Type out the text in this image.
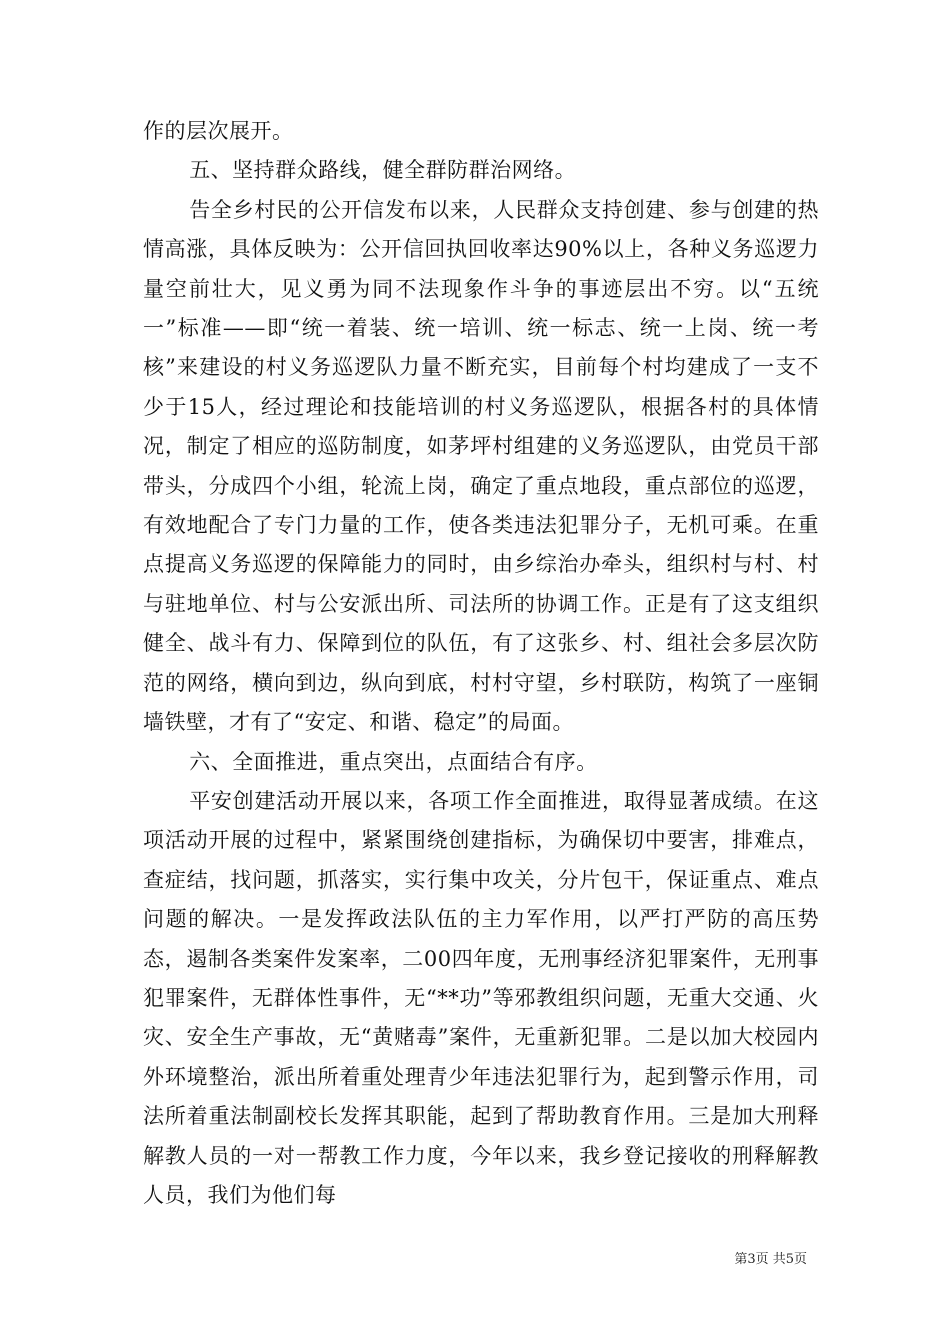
作的层次展开。

五、坚持群众路线，健全群防群治网络。

告全乡村民的公开信发布以来，人民群众支持创建、参与创建的热情高涨，具体反映为：公开信回执回收率达90%以上，各种义务巡逻力量空前壮大，见义勇为同不法现象作斗争的事迹层出不穷。以“五统一”标准——即“统一着装、统一培训、统一标志、统一上岗、统一考核”来建设的村义务巡逻队力量不断充实，目前每个村均建成了一支不少于15人，经过理论和技能培训的村义务巡逻队，根据各村的具体情况，制定了相应的巡防制度，如茅坪村组建的义务巡逻队，由党员干部带头，分成四个小组，轮流上岗，确定了重点地段，重点部位的巡逻，有效地配合了专门力量的工作，使各类违法犯罪分子，无机可乘。在重点提高义务巡逻的保障能力的同时，由乡综治办牵头，组织村与村、村与驻地单位、村与公安派出所、司法所的协调工作。正是有了这支组织健全、战斗有力、保障到位的队伍，有了这张乡、村、组社会多层次防范的网络，横向到边，纵向到底，村村守望，乡村联防，构筑了一座铜墙铁壁，才有了“安定、和谐、稳定”的局面。

六、全面推进，重点突出，点面结合有序。

平安创建活动开展以来，各项工作全面推进，取得显著成绩。在这项活动开展的过程中，紧紧围绕创建指标，为确保切中要害，排难点，查症结，找问题，抓落实，实行集中攻关，分片包干，保证重点、难点问题的解决。一是发挥政法队伍的主力军作用，以严打严防的高压势态，遏制各类案件发案率，二00四年度，无刑事经济犯罪案件，无刑事犯罪案件，无群体性事件，无“**功”等邪教组织问题，无重大交通、火灾、安全生产事故，无“黄赌毒”案件，无重新犯罪。二是以加大校园内外环境整治，派出所着重处理青少年违法犯罪行为，起到警示作用，司法所着重法制副校长发挥其职能，起到了帮助教育作用。三是加大刑释解教人员的一对一帮教工作力度，今年以来，我乡登记接收的刑释解教人员，我们为他们每

第3页 共5页
